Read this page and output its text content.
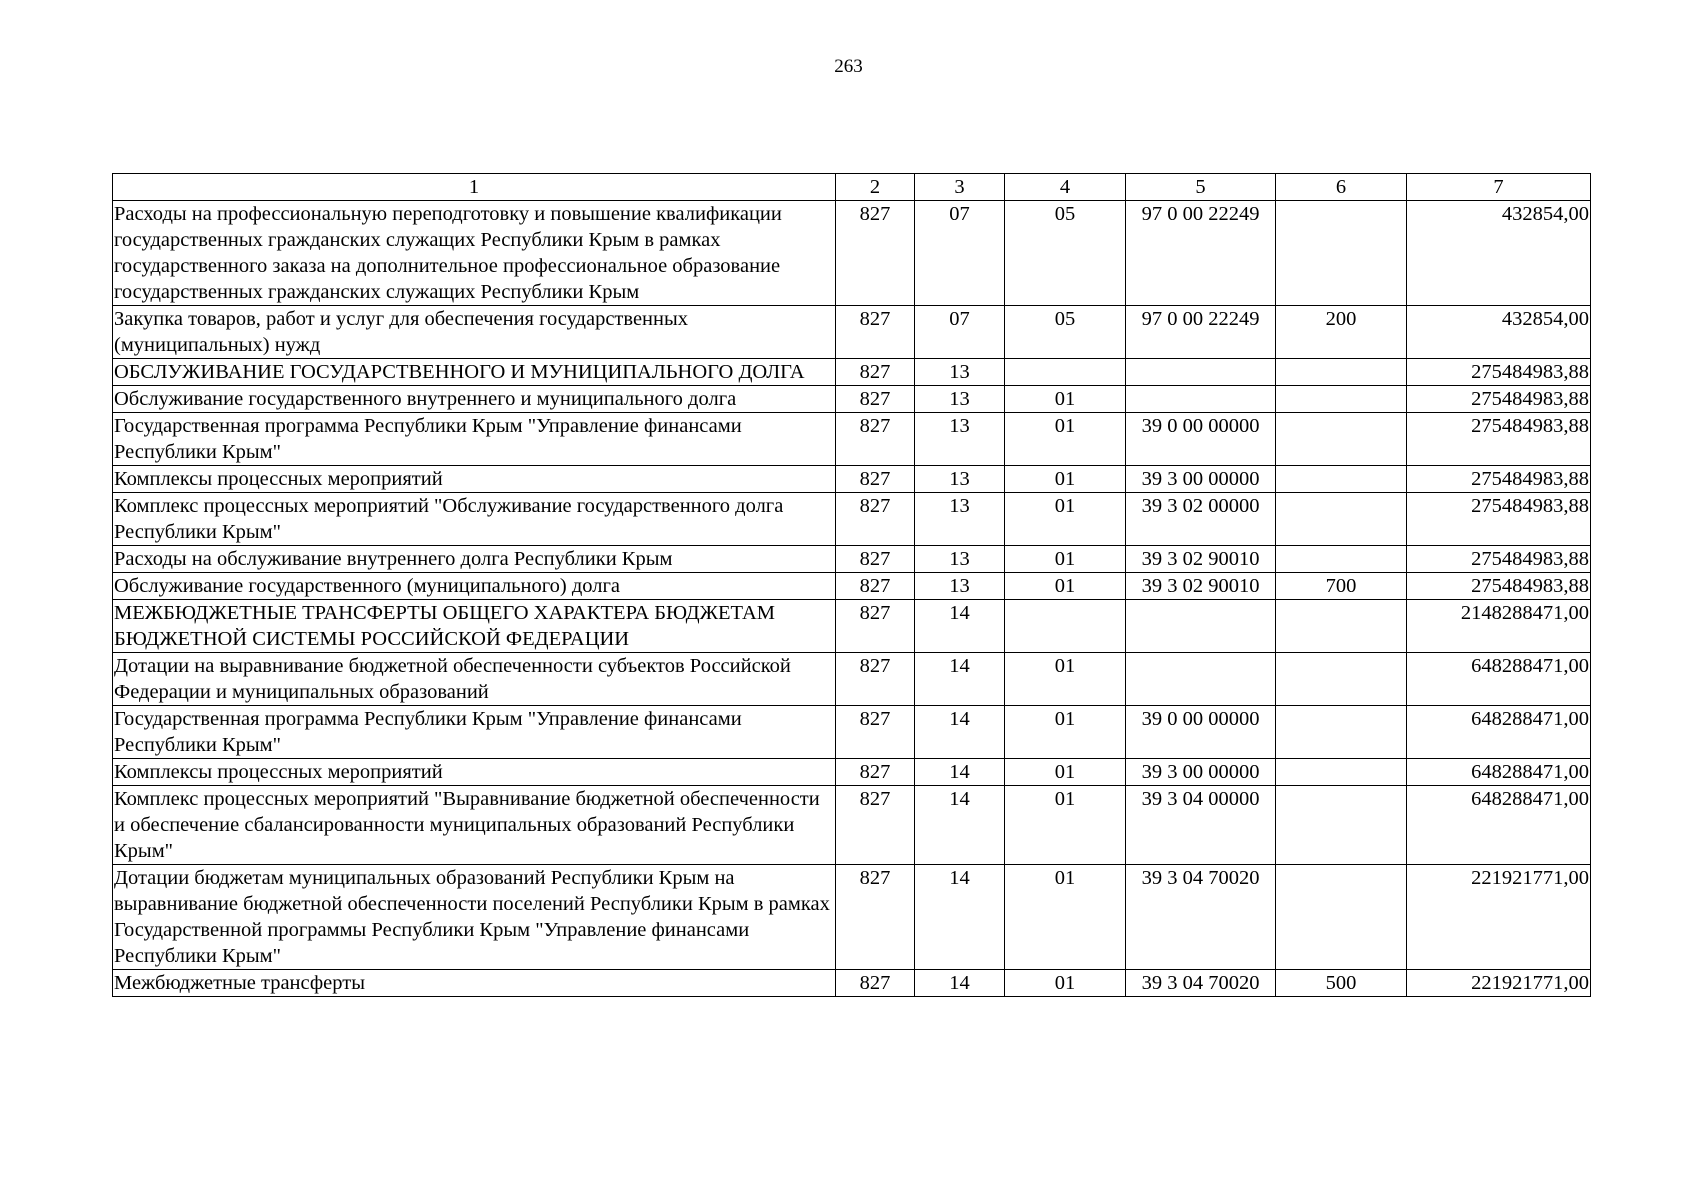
263
1	2	3	4	5	6	7
Расходы на профессиональную переподготовку и повышение квалификации государственных гражданских служащих Республики Крым в рамках государственного заказа на дополнительное профессиональное образование государственных гражданских служащих Республики Крым	827	07	05	97 0 00 22249		432854,00
Закупка товаров, работ и услуг для обеспечения государственных (муниципальных) нужд	827	07	05	97 0 00 22249	200	432854,00
ОБСЛУЖИВАНИЕ ГОСУДАРСТВЕННОГО И МУНИЦИПАЛЬНОГО ДОЛГА	827	13				275484983,88
Обслуживание государственного внутреннего и муниципального долга	827	13	01			275484983,88
Государственная программа Республики Крым "Управление финансами Республики Крым"	827	13	01	39 0 00 00000		275484983,88
Комплексы процессных мероприятий	827	13	01	39 3 00 00000		275484983,88
Комплекс процессных мероприятий "Обслуживание государственного долга Республики Крым"	827	13	01	39 3 02 00000		275484983,88
Расходы на обслуживание внутреннего долга Республики Крым	827	13	01	39 3 02 90010		275484983,88
Обслуживание государственного (муниципального) долга	827	13	01	39 3 02 90010	700	275484983,88
МЕЖБЮДЖЕТНЫЕ ТРАНСФЕРТЫ ОБЩЕГО ХАРАКТЕРА БЮДЖЕТАМ БЮДЖЕТНОЙ СИСТЕМЫ РОССИЙСКОЙ ФЕДЕРАЦИИ	827	14				2148288471,00
Дотации на выравнивание бюджетной обеспеченности субъектов Российской Федерации и муниципальных образований	827	14	01			648288471,00
Государственная программа Республики Крым "Управление финансами Республики Крым"	827	14	01	39 0 00 00000		648288471,00
Комплексы процессных мероприятий	827	14	01	39 3 00 00000		648288471,00
Комплекс процессных мероприятий "Выравнивание бюджетной обеспеченности и обеспечение сбалансированности муниципальных образований Республики Крым"	827	14	01	39 3 04 00000		648288471,00
Дотации бюджетам муниципальных образований Республики Крым на выравнивание бюджетной обеспеченности поселений Республики Крым в рамках Государственной программы Республики Крым "Управление финансами Республики Крым"	827	14	01	39 3 04 70020		221921771,00
Межбюджетные трансферты	827	14	01	39 3 04 70020	500	221921771,00
